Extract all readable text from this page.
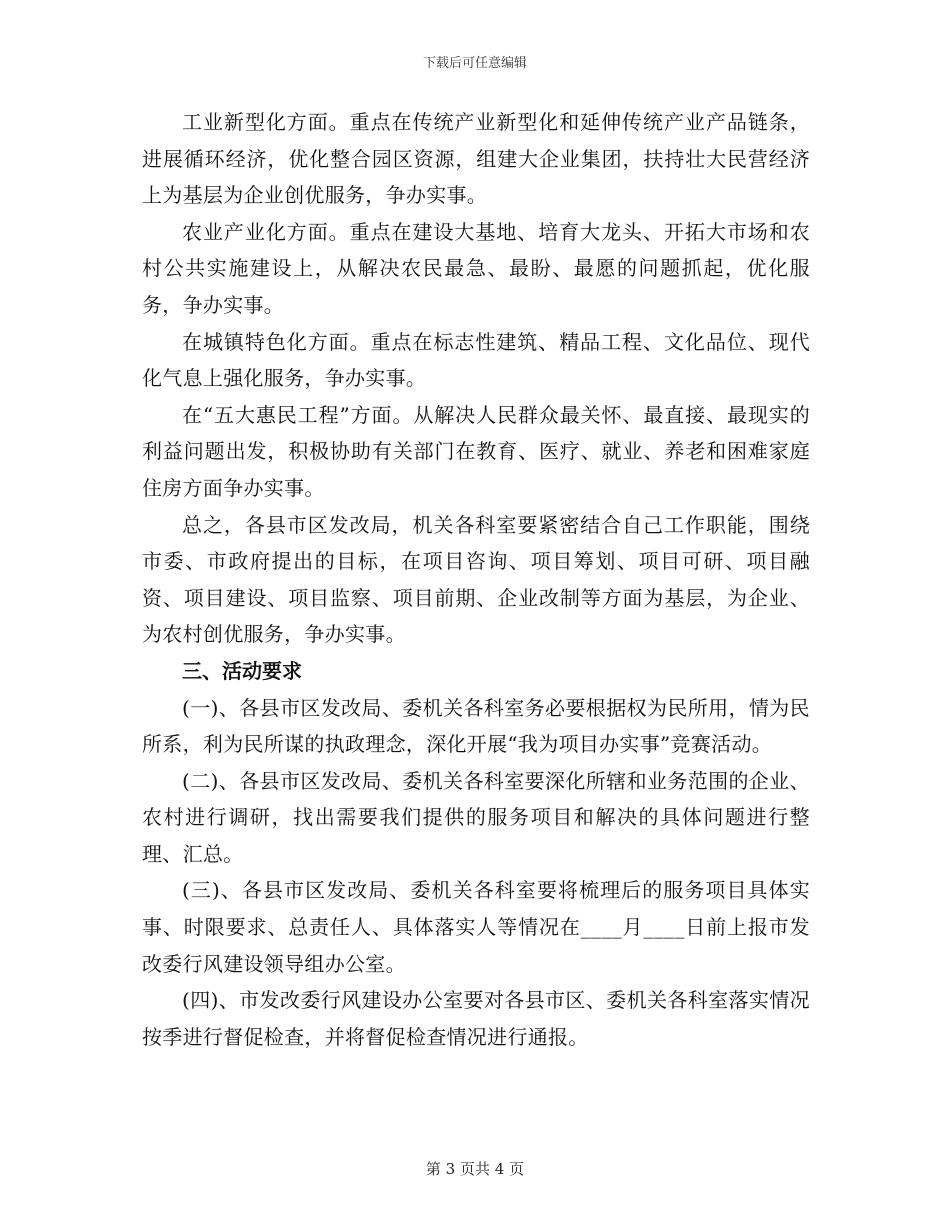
下载后可任意编辑

工业新型化方面。重点在传统产业新型化和延伸传统产业产品链条，进展循环经济，优化整合园区资源，组建大企业集团，扶持壮大民营经济上为基层为企业创优服务，争办实事。

农业产业化方面。重点在建设大基地、培育大龙头、开拓大市场和农村公共实施建设上，从解决农民最急、最盼、最愿的问题抓起，优化服务，争办实事。

在城镇特色化方面。重点在标志性建筑、精品工程、文化品位、现代化气息上强化服务，争办实事。

在“五大惠民工程”方面。从解决人民群众最关怀、最直接、最现实的利益问题出发，积极协助有关部门在教育、医疗、就业、养老和困难家庭住房方面争办实事。

总之，各县市区发改局，机关各科室要紧密结合自己工作职能，围绕市委、市政府提出的目标，在项目咨询、项目筹划、项目可研、项目融资、项目建设、项目监察、项目前期、企业改制等方面为基层，为企业、为农村创优服务，争办实事。

三、活动要求

(一)、各县市区发改局、委机关各科室务必要根据权为民所用，情为民所系，利为民所谋的执政理念，深化开展“我为项目办实事”竞赛活动。

(二)、各县市区发改局、委机关各科室要深化所辖和业务范围的企业、农村进行调研，找出需要我们提供的服务项目和解决的具体问题进行整理、汇总。

(三)、各县市区发改局、委机关各科室要将梳理后的服务项目具体实事、时限要求、总责任人、具体落实人等情况在____月____日前上报市发改委行风建设领导组办公室。

(四)、市发改委行风建设办公室要对各县市区、委机关各科室落实情况按季进行督促检查，并将督促检查情况进行通报。

第 3 页共 4 页
